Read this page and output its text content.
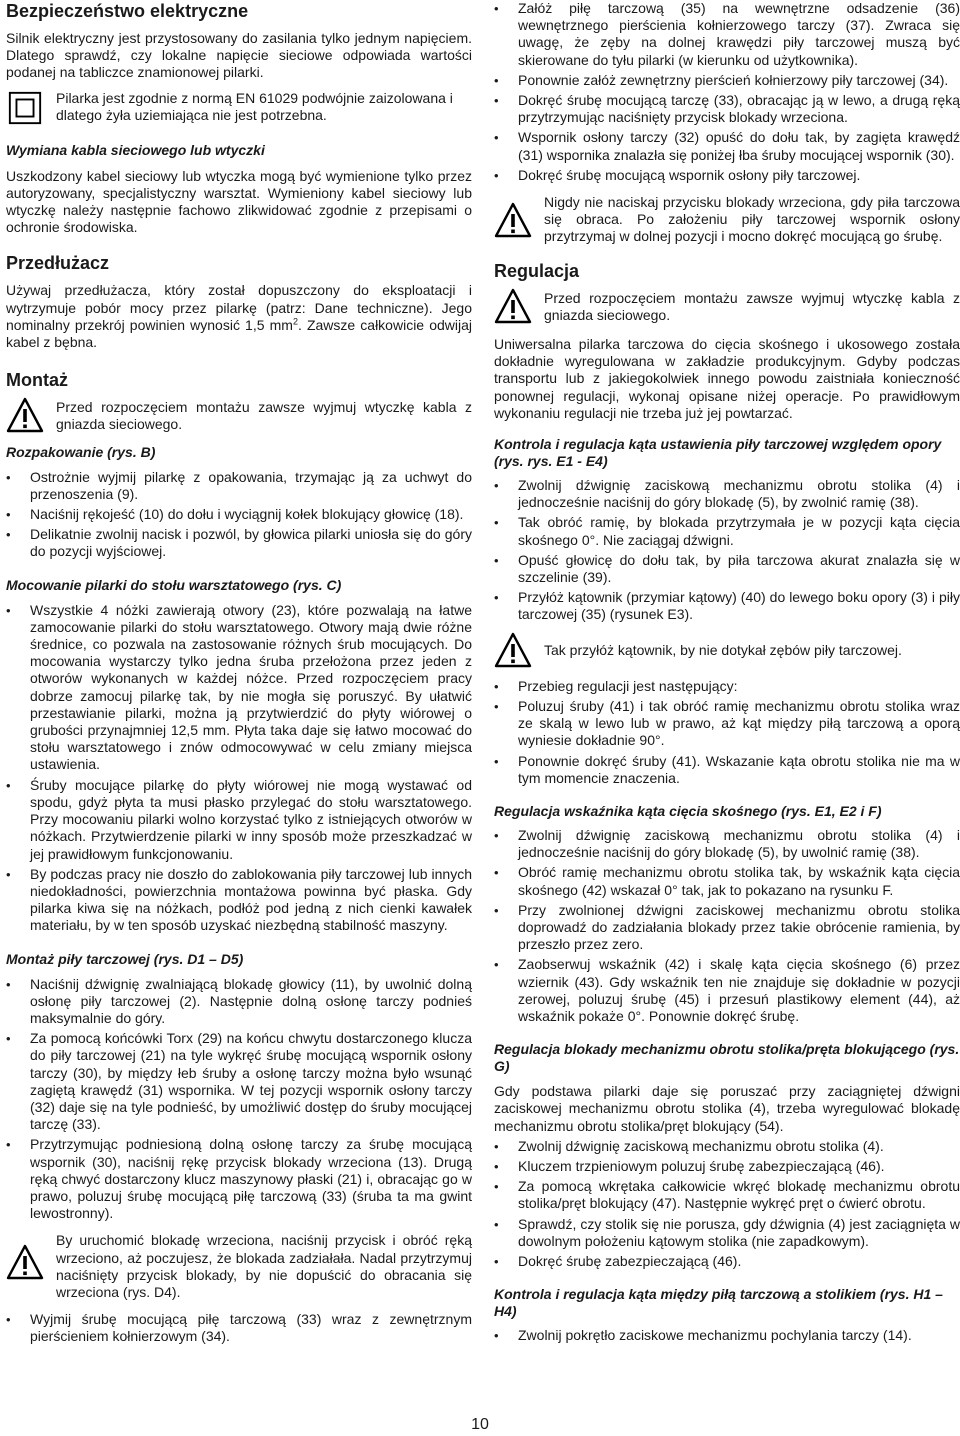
Bezpieczeństwo elektryczne

Silnik elektryczny jest przystosowany do zasilania tylko jednym napięciem. Dlatego sprawdź, czy lokalne napięcie sieciowe odpowiada wartości podanej na tabliczce znamionowej pilarki.

Pilarka jest zgodnie z normą EN 61029 podwójnie zaizolowana i dlatego żyła uziemiająca nie jest potrzebna.

Wymiana kabla sieciowego lub wtyczki

Uszkodzony kabel sieciowy lub wtyczka mogą być wymienione tylko przez autoryzowany, specjalistyczny warsztat. Wymieniony kabel sieciowy lub wtyczkę należy następnie fachowo zlikwidować zgodnie z przepisami o ochronie środowiska.

Przedłużacz

Używaj przedłużacza, który został dopuszczony do eksploatacji i wytrzymuje pobór mocy przez pilarkę (patrz: Dane techniczne). Jego nominalny przekrój powinien wynosić 1,5 $mm^2$. Zawsze całkowicie odwijaj kabel z bębna.

Montaż

Przed rozpoczęciem montażu zawsze wyjmuj wtyczkę kabla z gniazda sieciowego.

Rozpakowanie (rys. B)
• Ostrożnie wyjmij pilarkę z opakowania, trzymając ją za uchwyt do przenoszenia (9).
• Naciśnij rękojeść (10) do dołu i wyciągnij kołek blokujący głowicę (18).
• Delikatnie zwolnij nacisk i pozwól, by głowica pilarki uniosła się do góry do pozycji wyjściowej.
Mocowanie pilarki do stołu warsztatowego (rys. C)
• Wszystkie 4 nóżki zawierają otwory (23), które pozwalają na łatwe zamocowanie pilarki do stołu warsztatowego. Otwory mają dwie różne średnice, co pozwala na zastosowanie różnych śrub mocujących. Do mocowania wystarczy tylko jedna śruba przełożona przez jeden z otworów wykonanych w każdej nóżce. Przed rozpoczęciem pracy dobrze zamocuj pilarkę tak, by nie mogła się poruszyć. By ułatwić przestawianie pilarki, można ją przytwierdzić do płyty wiórowej o grubości przynajmniej 12,5 mm. Płyta taka daje się łatwo mocować do stołu warsztatowego i znów odmocowywać w celu zmiany miejsca ustawienia.
• Śruby mocujące pilarkę do płyty wiórowej nie mogą wystawać od spodu, gdyż płyta ta musi płasko przylegać do stołu warsztatowego. Przy mocowaniu pilarki wolno korzystać tylko z istniejących otworów w nóżkach. Przytwierdzenie pilarki w inny sposób może przeszkadzać w jej prawidłowym funkcjonowaniu.
• By podczas pracy nie doszło do zablokowania piły tarczowej lub innych niedokładności, powierzchnia montażowa powinna być płaska. Gdy pilarka kiwa się na nóżkach, podłóż pod jedną z nich cienki kawałek materiału, by w ten sposób uzyskać niezbędną stabilność maszyny.
Montaż piły tarczowej (rys. D1 – D5)
• Naciśnij dźwignię zwalniającą blokadę głowicy (11), by uwolnić dolną osłonę piły tarczowej (2). Następnie dolną osłonę tarczy podnieś maksymalnie do góry.
• Za pomocą końcówki Torx (29) na końcu chwytu dostarczonego klucza do piły tarczowej (21) na tyle wykręć śrubę mocującą wspornik osłony tarczy (30), by między łeb śruby a osłonę tarczy można było wsunąć zagiętą krawędź (31) wspornika. W tej pozycji wspornik osłony tarczy (32) daje się na tyle podnieść, by umożliwić dostęp do śruby mocującej tarczę (33).
• Przytrzymując podniesioną dolną osłonę tarczy za śrubę mocującą wspornik (30), naciśnij rękę przycisk blokady wrzeciona (13). Drugą ręką chwyć dostarczony klucz maszynowy płaski (21) i, obracając go w prawo, poluzuj śrubę mocującą piłę tarczową (33) (śruba ta ma gwint lewostronny).

By uruchomić blokadę wrzeciona, naciśnij przycisk i obróć ręką wrzeciono, aż poczujesz, że blokada zadziałała. Nadal przytrzymuj naciśnięty przycisk blokady, by nie dopuścić do obracania się wrzeciona (rys. D4).

• Wyjmij śrubę mocującą piłę tarczową (33) wraz z zewnętrznym pierścieniem kołnierzowym (34).
• Załóż piłę tarczową (35) na wewnętrzne odsadzenie (36) wewnętrznego pierścienia kołnierzowego tarczy (37). Zwraca się uwagę, że zęby na dolnej krawędzi piły tarczowej muszą być skierowane do tyłu pilarki (w kierunku od użytkownika).
• Ponownie załóż zewnętrzny pierścień kołnierzowy piły tarczowej (34).
• Dokręć śrubę mocującą tarczę (33), obracając ją w lewo, a drugą ręką przytrzymując naciśnięty przycisk blokady wrzeciona.
• Wspornik osłony tarczy (32) opuść do dołu tak, by zagięta krawędź (31) wspornika znalazła się poniżej łba śruby mocującej wspornik (30).
• Dokręć śrubę mocującą wspornik osłony piły tarczowej.

Nigdy nie naciskaj przycisku blokady wrzeciona, gdy piła tarczowa się obraca. Po założeniu piły tarczowej wspornik osłony przytrzymaj w dolnej pozycji i mocno dokręć mocującą go śrubę.

Regulacja

Przed rozpoczęciem montażu zawsze wyjmuj wtyczkę kabla z gniazda sieciowego.

Uniwersalna pilarka tarczowa do cięcia skośnego i ukosowego została dokładnie wyregulowana w zakładzie produkcyjnym. Gdyby podczas transportu lub z jakiegokolwiek innego powodu zaistniała konieczność ponownej regulacji, wykonaj opisane niżej operacje. Po prawidłowym wykonaniu regulacji nie trzeba już jej powtarzać.

Kontrola i regulacja kąta ustawienia piły tarczowej względem opory (rys. rys. E1 - E4)
• Zwolnij dźwignię zaciskową mechanizmu obrotu stolika (4) i jednocześnie naciśnij do góry blokadę (5), by zwolnić ramię (38).
• Tak obróć ramię, by blokada przytrzymała je w pozycji kąta cięcia skośnego 0°. Nie zaciągaj dźwigni.
• Opuść głowicę do dołu tak, by piła tarczowa akurat znalazła się w szczelinie (39).
• Przyłóż kątownik (przymiar kątowy) (40) do lewego boku opory (3) i piły tarczowej (35) (rysunek E3).

Tak przyłóż kątownik, by nie dotykał zębów piły tarczowej.

• Przebieg regulacji jest następujący:
• Poluzuj śruby (41) i tak obróć ramię mechanizmu obrotu stolika wraz ze skalą w lewo lub w prawo, aż kąt między piłą tarczową a oporą wyniesie dokładnie 90°.
• Ponownie dokręć śruby (41). Wskazanie kąta obrotu stolika nie ma w tym momencie znaczenia.
Regulacja wskaźnika kąta cięcia skośnego (rys. E1, E2 i F)
• Zwolnij dźwignię zaciskową mechanizmu obrotu stolika (4) i jednocześnie naciśnij do góry blokadę (5), by uwolnić ramię (38).
• Obróć ramię mechanizmu obrotu stolika tak, by wskaźnik kąta cięcia skośnego (42) wskazał 0° tak, jak to pokazano na rysunku F.
• Przy zwolnionej dźwigni zaciskowej mechanizmu obrotu stolika doprowadź do zadziałania blokady przez takie obrócenie ramienia, by przeszło przez zero.
• Zaobserwuj wskaźnik (42) i skalę kąta cięcia skośnego (6) przez wziernik (43). Gdy wskaźnik ten nie znajduje się dokładnie w pozycji zerowej, poluzuj śrubę (45) i przesuń plastikowy element (44), aż wskaźnik pokaże 0°. Ponownie dokręć śrubę.
Regulacja blokady mechanizmu obrotu stolika/pręta blokującego (rys. G)

Gdy podstawa pilarki daje się poruszać przy zaciągniętej dźwigni zaciskowej mechanizmu obrotu stolika (4), trzeba wyregulować blokadę mechanizmu obrotu stolika/pręt blokujący (54).

• Zwolnij dźwignię zaciskową mechanizmu obrotu stolika (4).
• Kluczem trzpieniowym poluzuj śrubę zabezpieczającą (46).
• Za pomocą wkrętaka całkowicie wkręć blokadę mechanizmu obrotu stolika/pręt blokujący (47). Następnie wykręć pręt o ćwierć obrotu.
• Sprawdź, czy stolik się nie porusza, gdy dźwignia (4) jest zaciągnięta w dowolnym położeniu kątowym stolika (nie zapadkowym).
• Dokręć śrubę zabezpieczającą (46).
Kontrola i regulacja kąta między piłą tarczową a stolikiem (rys. H1 – H4)
• Zwolnij pokrętło zaciskowe mechanizmu pochylania tarczy (14).
10
